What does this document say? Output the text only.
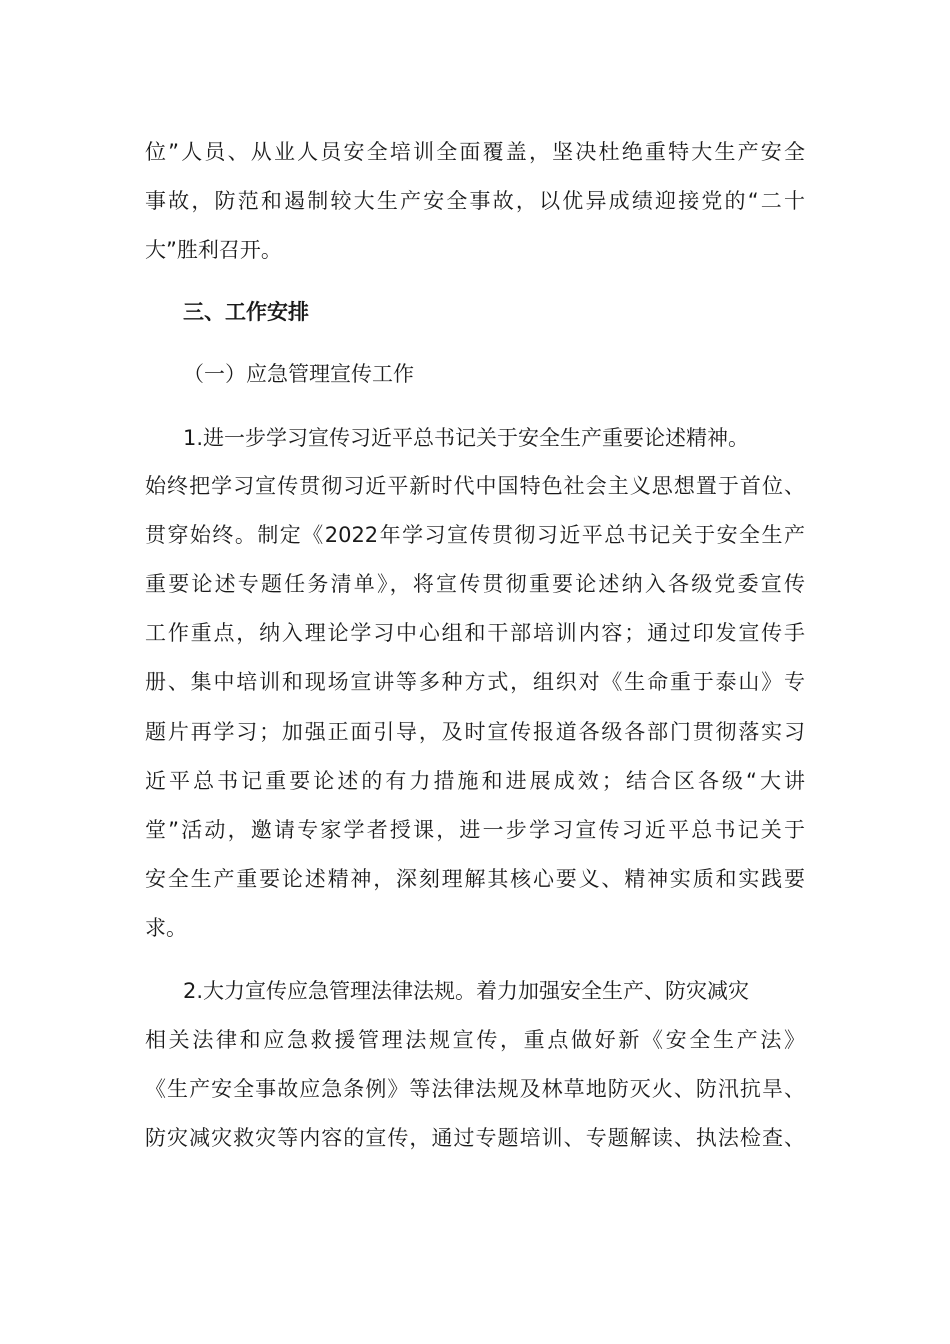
位”人员、从业人员安全培训全面覆盖，坚决杜绝重特大生产安全
事故，防范和遏制较大生产安全事故，以优异成绩迎接党的“二十
大”胜利召开。
三、工作安排
（一）应急管理宣传工作
1.进一步学习宣传习近平总书记关于安全生产重要论述精神。
始终把学习宣传贯彻习近平新时代中国特色社会主义思想置于首位、
贯穿始终。制定《2022年学习宣传贯彻习近平总书记关于安全生产
重要论述专题任务清单》，将宣传贯彻重要论述纳入各级党委宣传
工作重点，纳入理论学习中心组和干部培训内容；通过印发宣传手
册、集中培训和现场宣讲等多种方式，组织对《生命重于泰山》专
题片再学习；加强正面引导，及时宣传报道各级各部门贯彻落实习
近平总书记重要论述的有力措施和进展成效；结合区各级“大讲
堂”活动，邀请专家学者授课，进一步学习宣传习近平总书记关于
安全生产重要论述精神，深刻理解其核心要义、精神实质和实践要
求。
2.大力宣传应急管理法律法规。着力加强安全生产、防灾减灾
相关法律和应急救援管理法规宣传，重点做好新《安全生产法》
《生产安全事故应急条例》等法律法规及林草地防灭火、防汛抗旱、
防灾减灾救灾等内容的宣传，通过专题培训、专题解读、执法检查、
